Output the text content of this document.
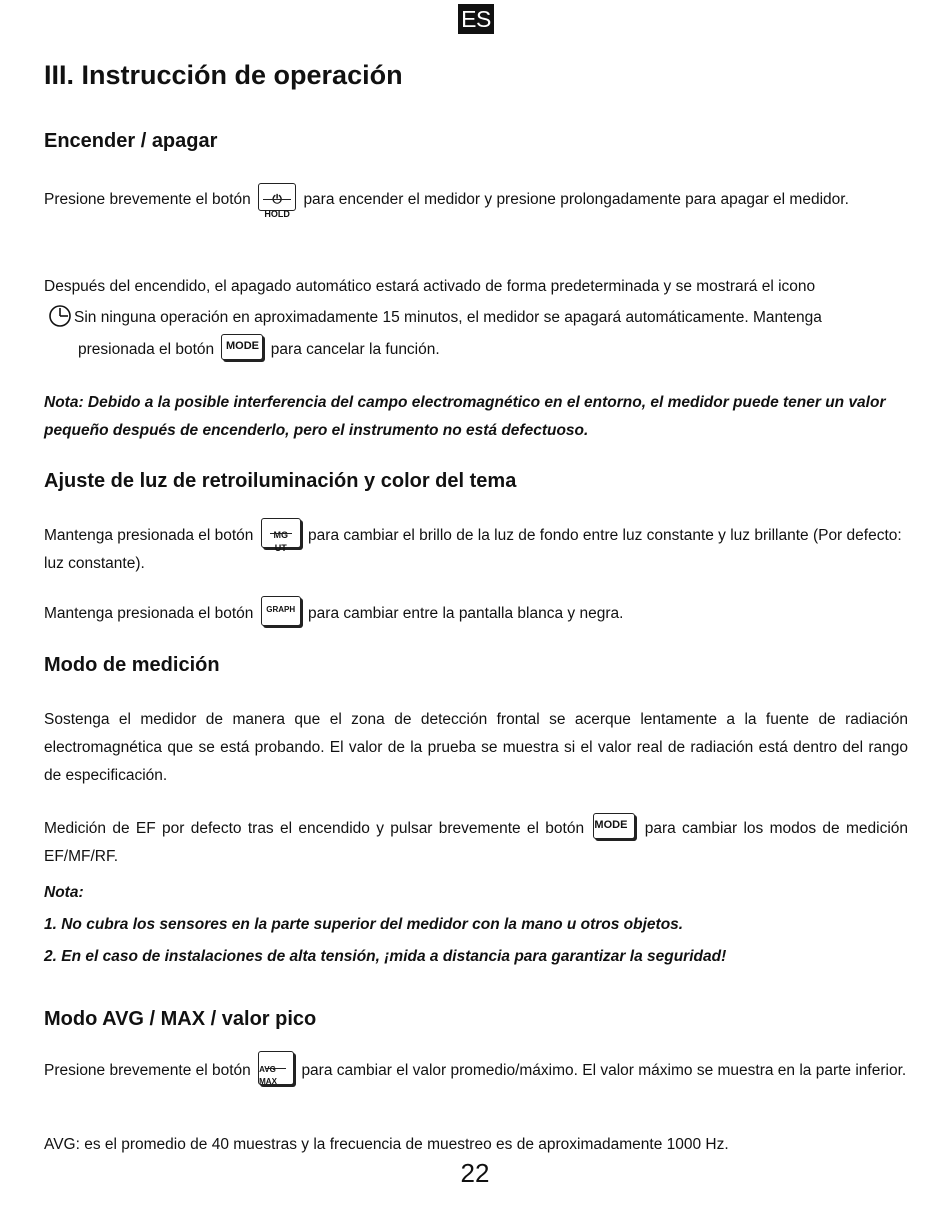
ES
III. Instrucción de operación
Encender / apagar
Presione brevemente el botón	⏻
HOLD
para encender el medidor y presione prolongadamente para apagar el medidor.
Después del encendido, el apagado automático estará activado de forma predeterminada y se mostrará el icono
Sin ninguna operación en aproximadamente 15 minutos, el medidor se apagará automáticamente. Mantenga
presionada el botón MODE para cancelar la función.
Nota: Debido a la posible interferencia del campo electromagnético en el entorno, el medidor puede tener un valor pequeño después de encenderlo, pero el instrumento no está defectuoso.
Ajuste de luz de retroiluminación y color del tema
Mantenga presionada el botón	MG
UT
para cambiar el brillo de la luz de fondo entre luz constante y luz brillante (Por defecto: luz constante).
Mantenga presionada el botón GRAPH para cambiar entre la pantalla blanca y negra.
Modo de medición
Sostenga el medidor de manera que el zona de detección frontal se acerque lentamente a la fuente de radiación electromagnética que se está probando. El valor de la prueba se muestra si el valor real de radiación está dentro del rango de especificación.
Medición de EF por defecto tras el encendido y pulsar brevemente el botón MODE para cambiar los modos de medición EF/MF/RF.
Nota:
1. No cubra los sensores en la parte superior del medidor con la mano u otros objetos.
2. En el caso de instalaciones de alta tensión, ¡mida a distancia para garantizar la seguridad!
Modo AVG / MAX / valor pico
Presione brevemente el botón AVG
MAX
para cambiar el valor promedio/máximo. El valor máximo se muestra en la parte inferior.
AVG: es el promedio de 40 muestras y la frecuencia de muestreo es de aproximadamente 1000 Hz.
22
